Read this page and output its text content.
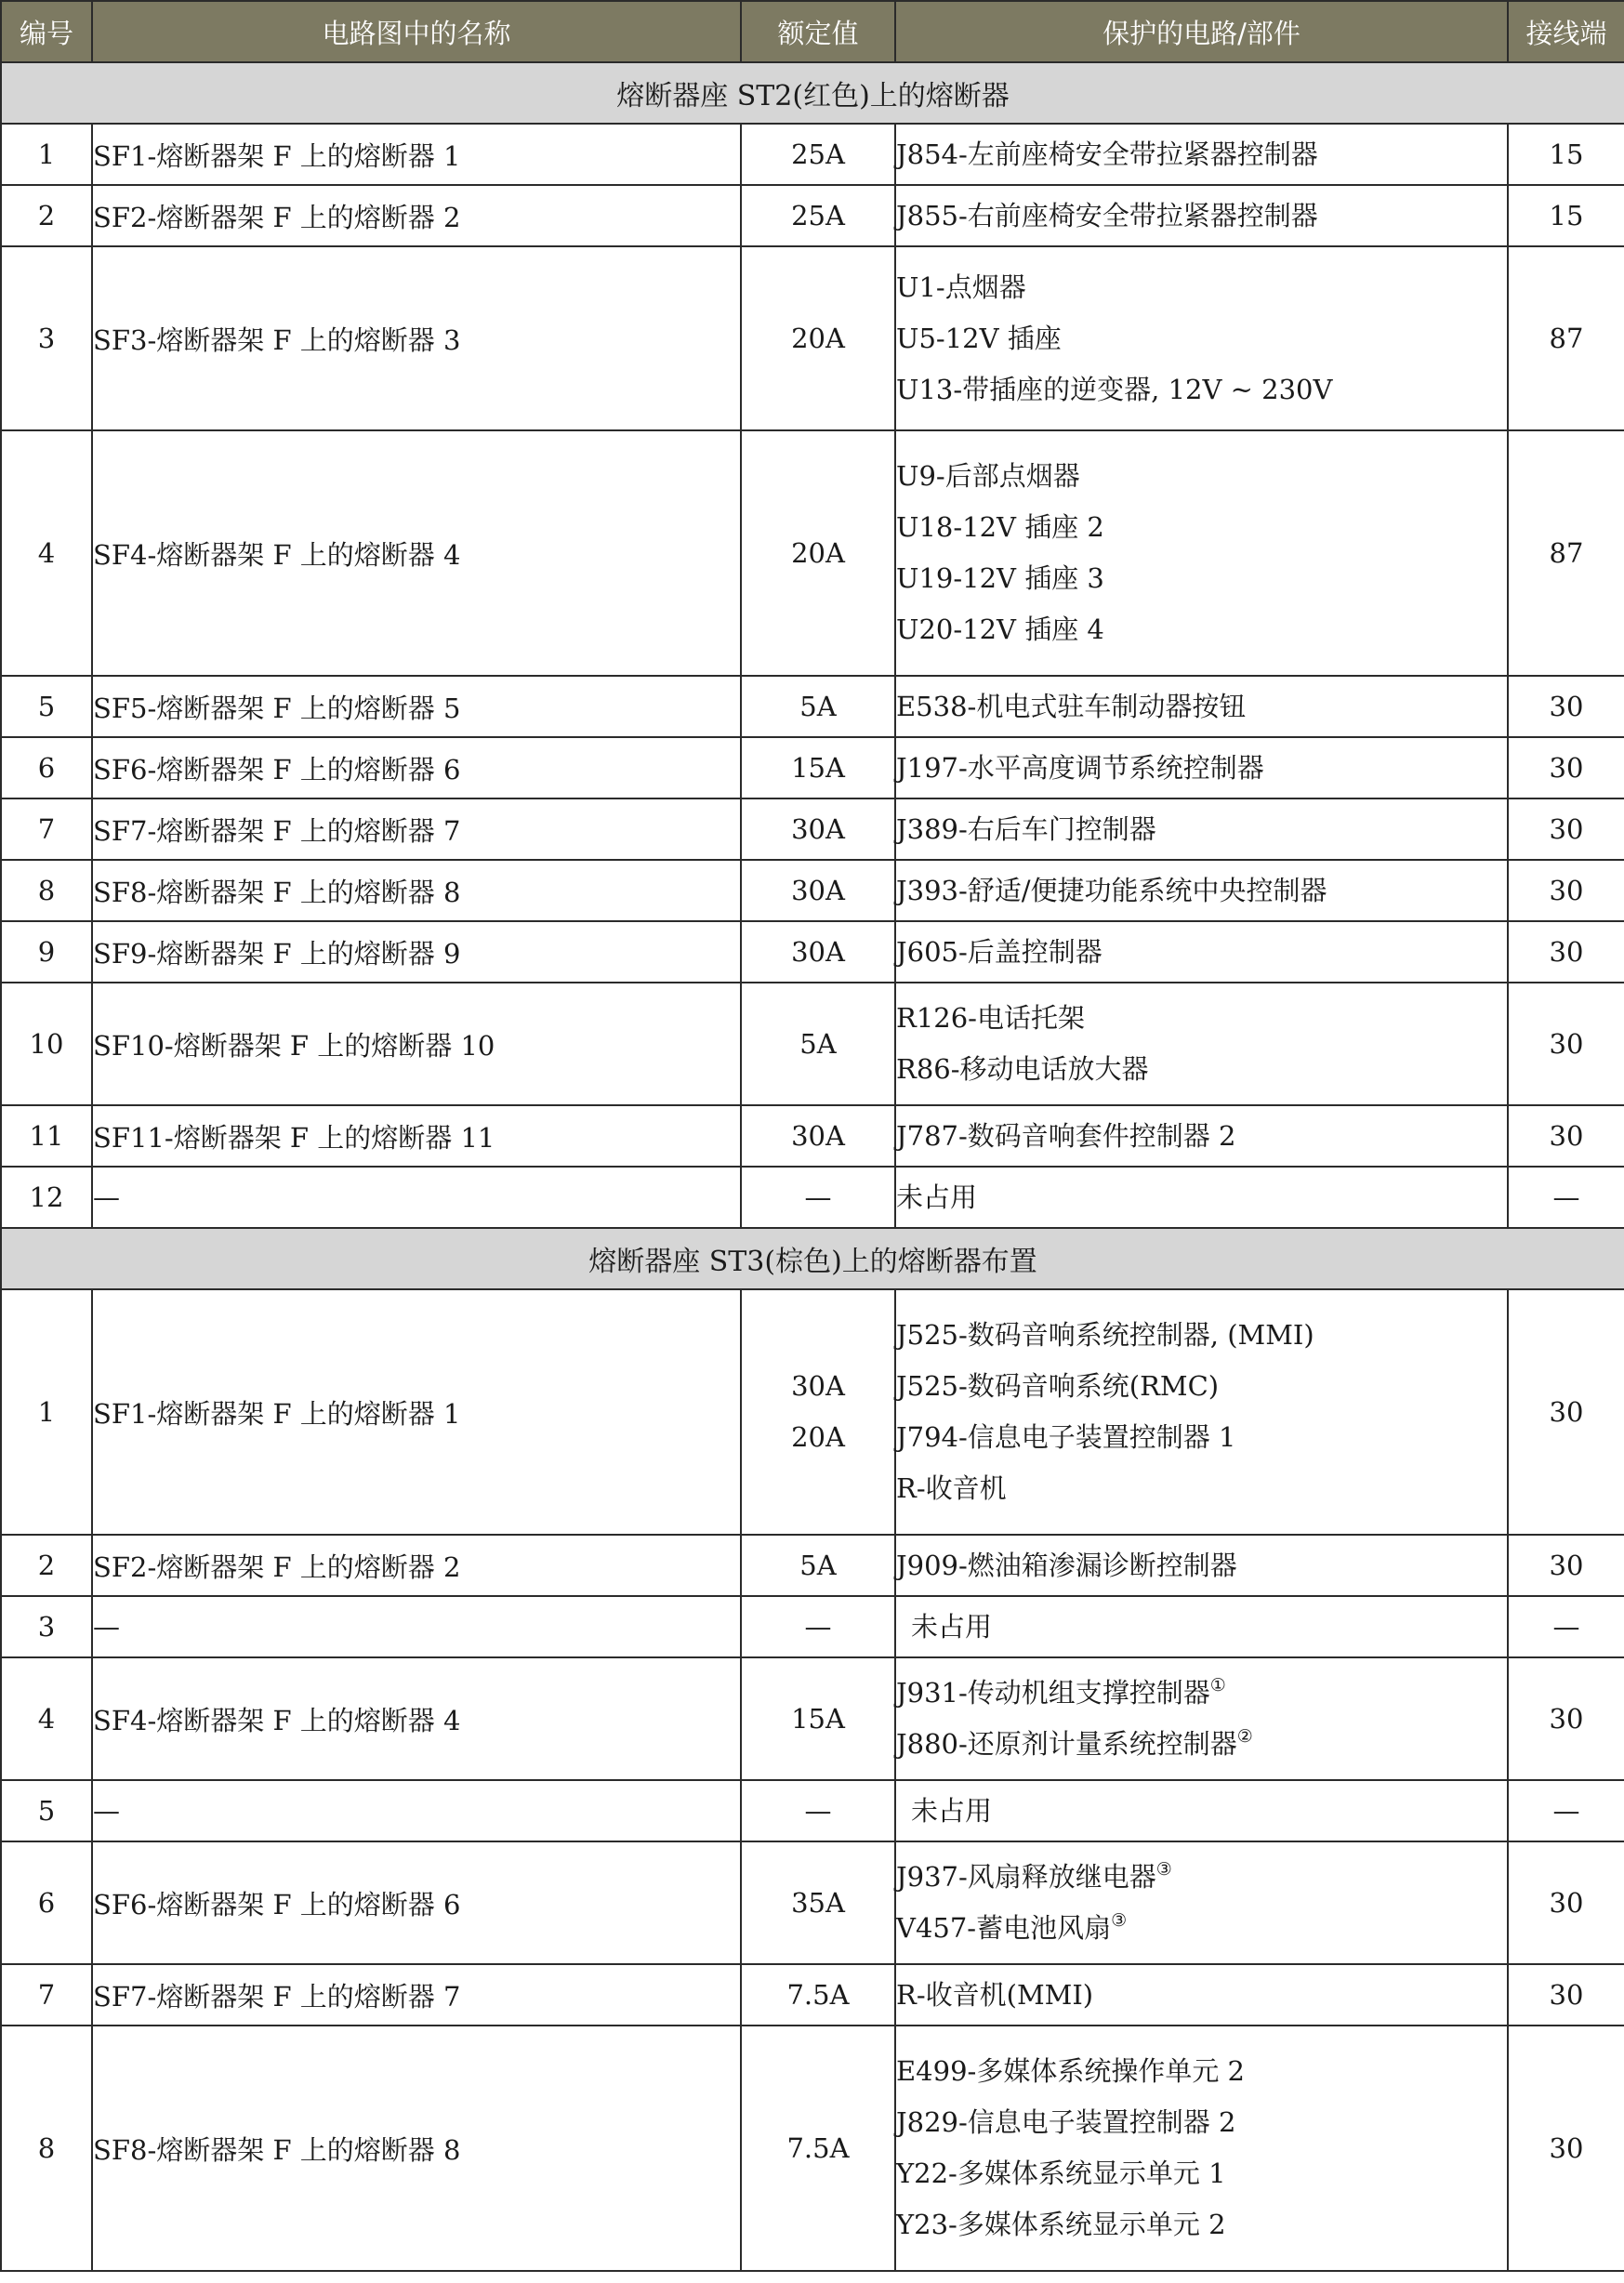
编号	电路图中的名称	额定值	保护的电路/部件	接线端
熔断器座 ST2(红色)上的熔断器				
1	SF1-熔断器架 F 上的熔断器 1	25A	J854-左前座椅安全带拉紧器控制器	15
2	SF2-熔断器架 F 上的熔断器 2	25A	J855-右前座椅安全带拉紧器控制器	15
3	SF3-熔断器架 F 上的熔断器 3	20A	U1-点烟器
U5-12V 插座
U13-带插座的逆变器, 12V ~ 230V	87
4	SF4-熔断器架 F 上的熔断器 4	20A	U9-后部点烟器
U18-12V 插座 2
U19-12V 插座 3
U20-12V 插座 4	87
5	SF5-熔断器架 F 上的熔断器 5	5A	E538-机电式驻车制动器按钮	30
6	SF6-熔断器架 F 上的熔断器 6	15A	J197-水平高度调节系统控制器	30
7	SF7-熔断器架 F 上的熔断器 7	30A	J389-右后车门控制器	30
8	SF8-熔断器架 F 上的熔断器 8	30A	J393-舒适/便捷功能系统中央控制器	30
9	SF9-熔断器架 F 上的熔断器 9	30A	J605-后盖控制器	30
10	SF10-熔断器架 F 上的熔断器 10	5A	R126-电话托架
R86-移动电话放大器	30
11	SF11-熔断器架 F 上的熔断器 11	30A	J787-数码音响套件控制器 2	30
12	—	—	未占用	—
熔断器座 ST3(棕色)上的熔断器布置				
1	SF1-熔断器架 F 上的熔断器 1	30A
20A	J525-数码音响系统控制器, (MMI)
J525-数码音响系统(RMC)
J794-信息电子装置控制器 1
R-收音机	30
2	SF2-熔断器架 F 上的熔断器 2	5A	J909-燃油箱渗漏诊断控制器	30
3	—	—	未占用	—
4	SF4-熔断器架 F 上的熔断器 4	15A	J931-传动机组支撑控制器①
J880-还原剂计量系统控制器②	30
5	—	—	未占用	—
6	SF6-熔断器架 F 上的熔断器 6	35A	J937-风扇释放继电器③
V457-蓄电池风扇③	30
7	SF7-熔断器架 F 上的熔断器 7	7.5A	R-收音机(MMI)	30
8	SF8-熔断器架 F 上的熔断器 8	7.5A	E499-多媒体系统操作单元 2
J829-信息电子装置控制器 2
Y22-多媒体系统显示单元 1
Y23-多媒体系统显示单元 2	30
